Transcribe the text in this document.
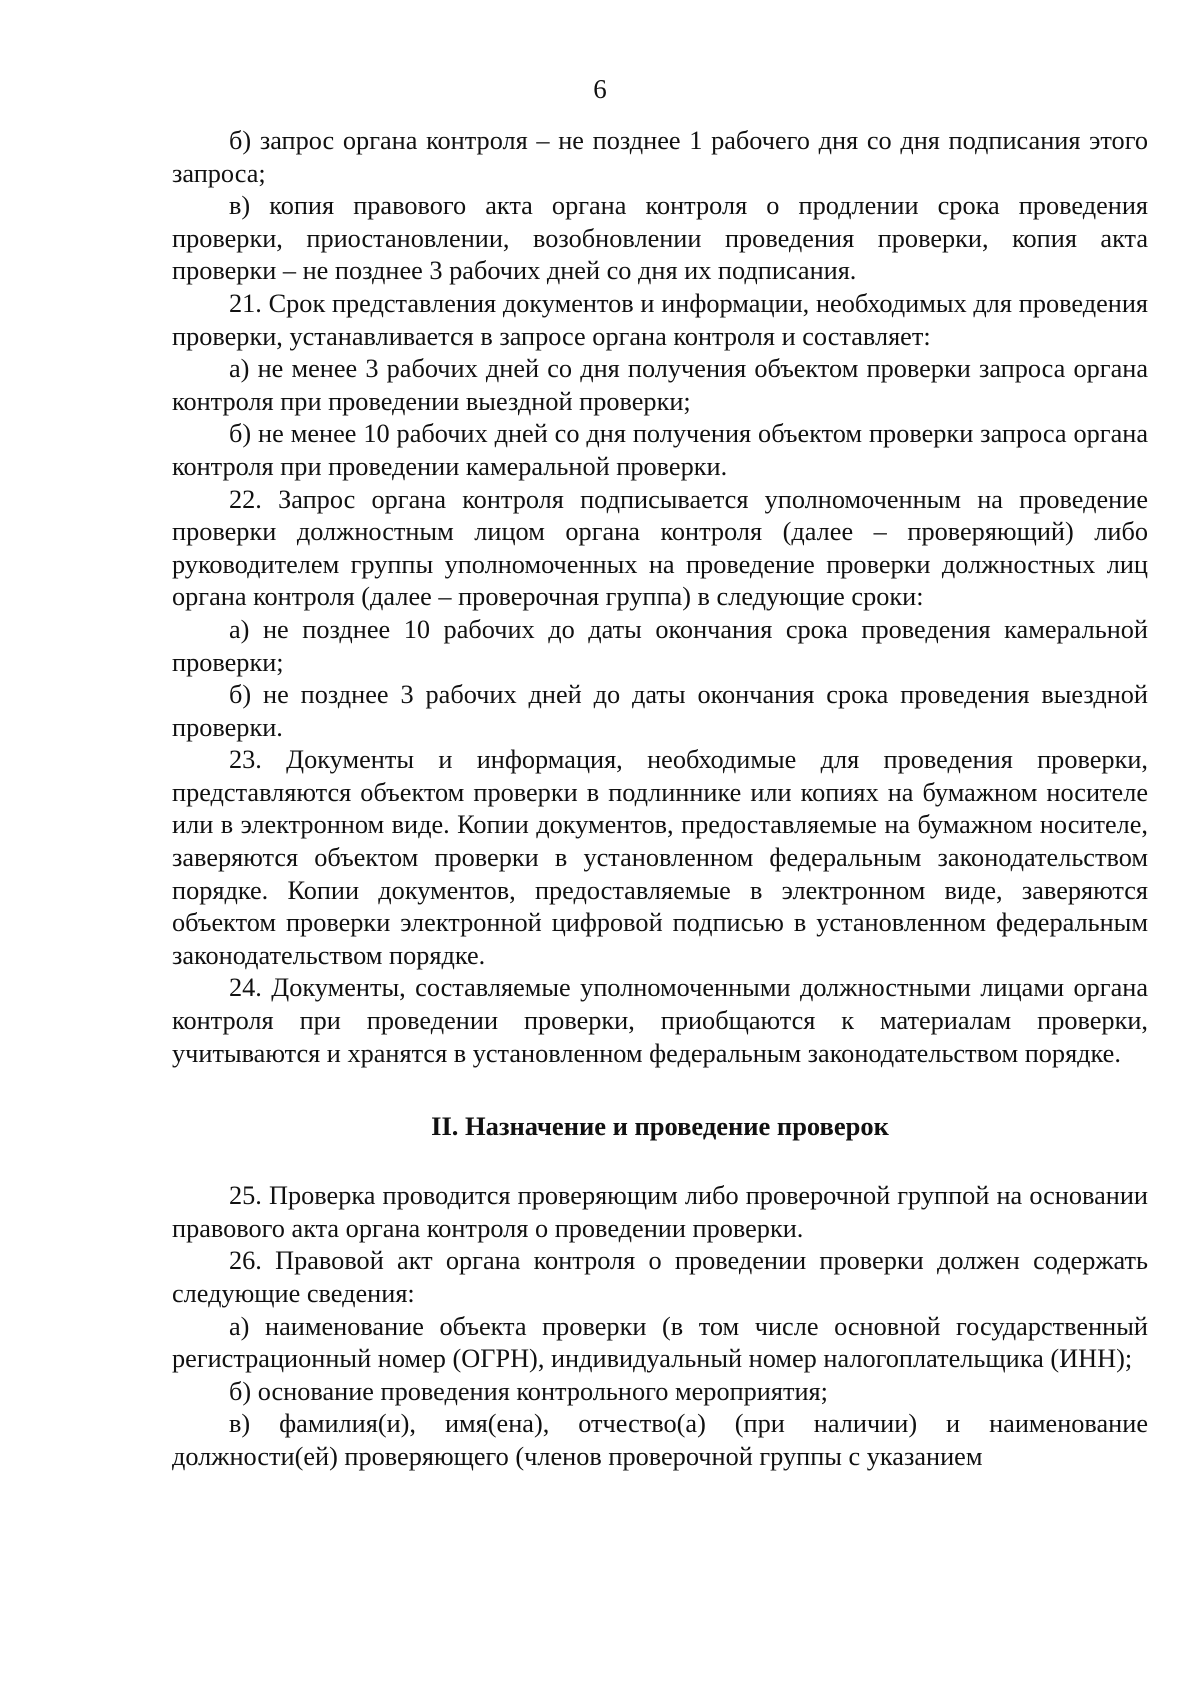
6

б) запрос органа контроля – не позднее 1 рабочего дня со дня подписания этого запроса;

в) копия правового акта органа контроля о продлении срока проведения проверки, приостановлении, возобновлении проведения проверки, копия акта проверки – не позднее 3 рабочих дней со дня их подписания.

21. Срок представления документов и информации, необходимых для проведения проверки, устанавливается в запросе органа контроля и составляет:

а) не менее 3 рабочих дней со дня получения объектом проверки запроса органа контроля при проведении выездной проверки;

б) не менее 10 рабочих дней со дня получения объектом проверки запроса органа контроля при проведении камеральной проверки.

22. Запрос органа контроля подписывается уполномоченным на проведение проверки должностным лицом органа контроля (далее – проверяющий) либо руководителем группы уполномоченных на проведение проверки должностных лиц органа контроля (далее – проверочная группа) в следующие сроки:

а) не позднее 10 рабочих до даты окончания срока проведения камеральной проверки;

б) не позднее 3 рабочих дней до даты окончания срока проведения выездной проверки.

23. Документы и информация, необходимые для проведения проверки, представляются объектом проверки в подлиннике или копиях на бумажном носителе или в электронном виде. Копии документов, предоставляемые на бумажном носителе, заверяются объектом проверки в установленном федеральным законодательством порядке. Копии документов, предоставляемые в электронном виде, заверяются объектом проверки электронной цифровой подписью в установленном федеральным законодательством порядке.

24. Документы, составляемые уполномоченными должностными лицами органа контроля при проведении проверки, приобщаются к материалам проверки, учитываются и хранятся в установленном федеральным законодательством порядке.

II. Назначение и проведение проверок

25. Проверка проводится проверяющим либо проверочной группой на основании правового акта органа контроля о проведении проверки.

26. Правовой акт органа контроля о проведении проверки должен содержать следующие сведения:

а) наименование объекта проверки (в том числе основной государственный регистрационный номер (ОГРН), индивидуальный номер налогоплательщика (ИНН);

б) основание проведения контрольного мероприятия;

в) фамилия(и), имя(ена), отчество(а) (при наличии) и наименование должности(ей) проверяющего (членов проверочной группы с указанием
